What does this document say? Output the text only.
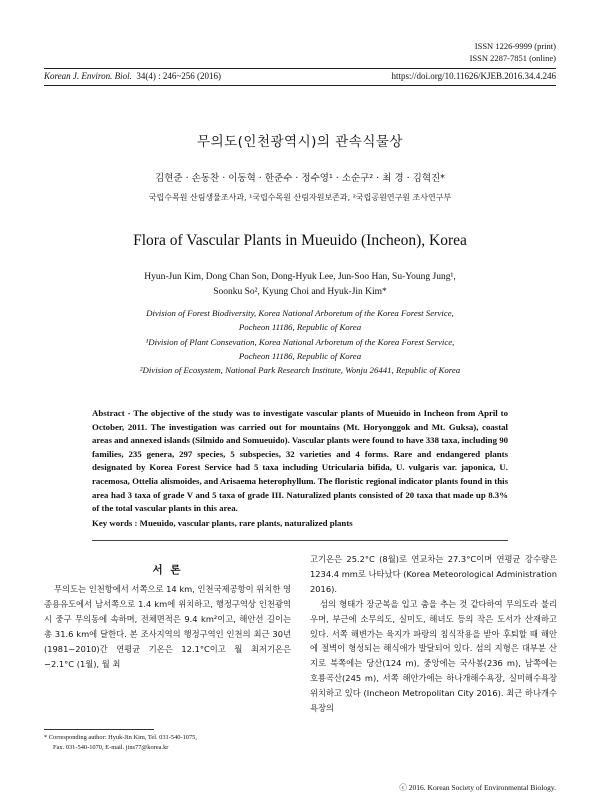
ISSN 1226-9999 (print)
ISSN 2287-7851 (online)
Korean J. Environ. Biol. 34(4) : 246~256 (2016)	https://doi.org/10.11626/KJEB.2016.34.4.246
무의도(인천광역시)의 관속식물상
김현준 · 손동찬 · 이동혁 · 한준수 · 정수영¹ · 소순구² · 최 경 · 김혁진*
국립수목원 산림생물조사과, ¹국립수목원 산림자원보존과, ²국립공원연구원 조사연구부
Flora of Vascular Plants in Mueuido (Incheon), Korea
Hyun-Jun Kim, Dong Chan Son, Dong-Hyuk Lee, Jun-Soo Han, Su-Young Jung¹,
Soonku So², Kyung Choi and Hyuk-Jin Kim*
Division of Forest Biodiversity, Korea National Arboretum of the Korea Forest Service,
Pocheon 11186, Republic of Korea
¹Division of Plant Consevation, Korea National Arboretum of the Korea Forest Service,
Pocheon 11186, Republic of Korea
²Division of Ecosystem, National Park Research Institute, Wonju 26441, Republic of Korea
Abstract - The objective of the study was to investigate vascular plants of Mueuido in Incheon from April to October, 2011. The investigation was carried out for mountains (Mt. Horyonggok and Mt. Guksa), coastal areas and annexed islands (Silmido and Somueuido). Vascular plants were found to have 338 taxa, including 90 families, 235 genera, 297 species, 5 subspecies, 32 varieties and 4 forms. Rare and endangered plants designated by Korea Forest Service had 5 taxa including Utricularia bifida, U. vulgaris var. japonica, U. racemosa, Ottelia alismoides, and Arisaema heterophyllum. The floristic regional indicator plants found in this area had 3 taxa of grade V and 5 taxa of grade III. Naturalized plants consisted of 20 taxa that made up 8.3% of the total vascular plants in this area.
Key words : Mueuido, vascular plants, rare plants, naturalized plants
서 론

무의도는 인천항에서 서쪽으로 14 km, 인천국제공항이 위치한 영종용유도에서 남서쪽으로 1.4 km에 위치하고, 행정구역상 인천광역시 중구 무의동에 속하며, 전체면적은 9.4 km²이고, 해안선 길이는 총 31.6 km에 달한다. 본 조사지역의 행정구역인 인천의 최근 30년(1981~2010)간 연평균 기온은 12.1°C이고 월 최저기온은 −2.1°C (1월), 월 최

고기온은 25.2°C (8월)로 연교차는 27.3°C이며 연평균 강수량은 1234.4 mm로 나타났다 (Korea Meteorological Administration 2016).

섬의 형태가 장군복을 입고 춤을 추는 것 같다하여 무의도라 불리우며, 부근에 소무의도, 실미도, 해녀도 등의 작은 도서가 산재하고 있다. 서쪽 해변가는 육지가 파랑의 침식작용을 받아 후퇴할 때 해안에 절벽이 형성되는 해식애가 발달되어 있다. 섬의 지형은 대부분 산지로 북쪽에는 당산(124 m), 중앙에는 국사봉(236 m), 남쪽에는 호룡곡산(245 m), 서쪽 해안가에는 하나개해수욕장, 실미해수욕장 위치하고 있다 (Incheon Metropolitan City 2016). 최근 하나개수욕장의

* Corresponding author: Hyuk-Jin Kim, Tel. 031-540-1075,
Fax. 031-540-1070, E-mail. jins77@korea.kr
ⓒ 2016. Korean Society of Environmental Biology.
